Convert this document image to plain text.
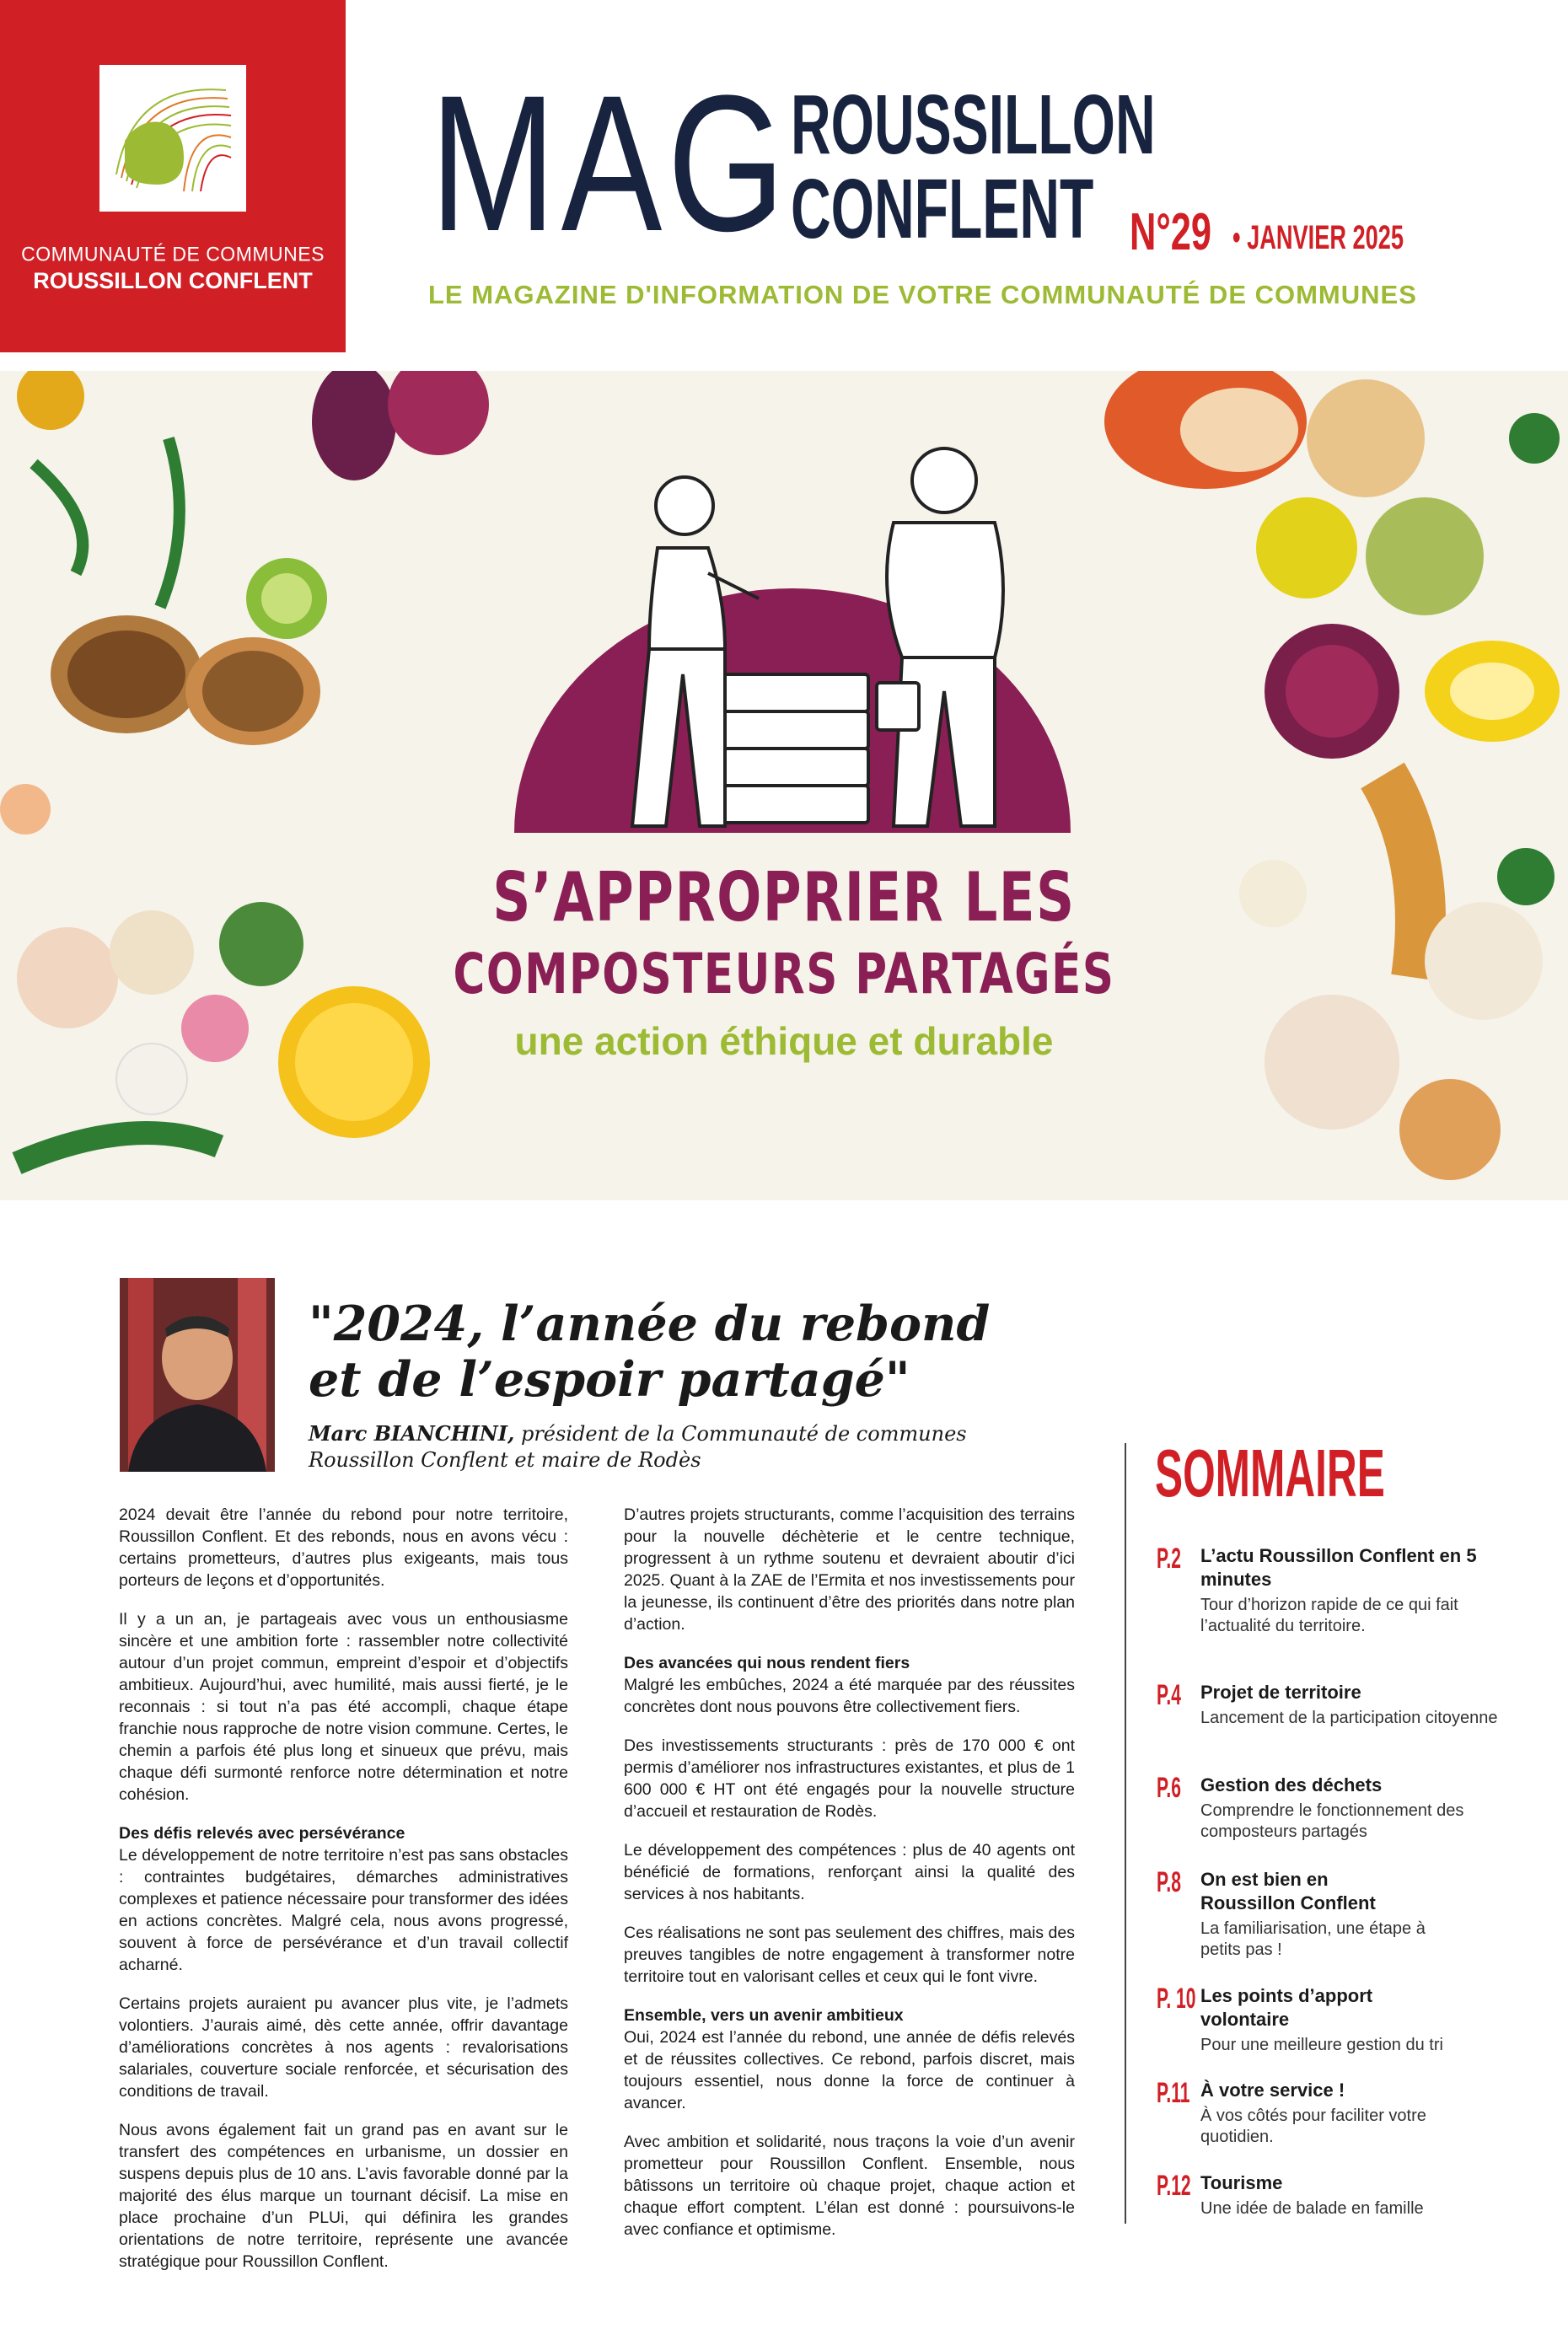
COMMUNAUTÉ DE COMMUNES
ROUSSILLON CONFLENT
MAG ROUSSILLON
CONFLENT N°29 • JANVIER 2025
LE MAGAZINE D'INFORMATION DE VOTRE COMMUNAUTÉ DE COMMUNES
S’APPROPRIER LES
COMPOSTEURS PARTAGÉS
une action éthique et durable
"2024, l’année du rebond
et de l’espoir partagé"
Marc BIANCHINI, président de la Communauté de communes
Roussillon Conflent et maire de Rodès

2024 devait être l’année du rebond pour notre territoire, Roussillon Conflent. Et des rebonds, nous en avons vécu : certains prometteurs, d’autres plus exigeants, mais tous porteurs de leçons et d’opportunités.

Il y a un an, je partageais avec vous un enthousiasme sincère et une ambition forte : rassembler notre collectivité autour d’un projet commun, empreint d’espoir et d’objectifs ambitieux. Aujourd’hui, avec humilité, mais aussi fierté, je le reconnais : si tout n’a pas été accompli, chaque étape franchie nous rapproche de notre vision commune. Certes, le chemin a parfois été plus long et sinueux que prévu, mais chaque défi surmonté renforce notre détermination et notre cohésion.

Des défis relevés avec persévérance

Le développement de notre territoire n’est pas sans obstacles : contraintes budgétaires, démarches administratives complexes et patience nécessaire pour transformer des idées en actions concrètes. Malgré cela, nous avons progressé, souvent à force de persévérance et d’un travail collectif acharné.

Certains projets auraient pu avancer plus vite, je l’admets volontiers. J’aurais aimé, dès cette année, offrir davantage d’améliorations concrètes à nos agents : revalorisations salariales, couverture sociale renforcée, et sécurisation des conditions de travail.

Nous avons également fait un grand pas en avant sur le transfert des compétences en urbanisme, un dossier en suspens depuis plus de 10 ans. L’avis favorable donné par la majorité des élus marque un tournant décisif. La mise en place prochaine d’un PLUi, qui définira les grandes orientations de notre territoire, représente une avancée stratégique pour Roussillon Conflent.

D’autres projets structurants, comme l’acquisition des terrains pour la nouvelle déchèterie et le centre technique, progressent à un rythme soutenu et devraient aboutir d’ici 2025. Quant à la ZAE de l’Ermita et nos investissements pour la jeunesse, ils continuent d’être des priorités dans notre plan d’action.

Des avancées qui nous rendent fiers

Malgré les embûches, 2024 a été marquée par des réussites concrètes dont nous pouvons être collectivement fiers.

Des investissements structurants : près de 170 000 € ont permis d’améliorer nos infrastructures existantes, et plus de 1 600 000 € HT ont été engagés pour la nouvelle structure d’accueil et restauration de Rodès.

Le développement des compétences : plus de 40 agents ont bénéficié de formations, renforçant ainsi la qualité des services à nos habitants.

Ces réalisations ne sont pas seulement des chiffres, mais des preuves tangibles de notre engagement à transformer notre territoire tout en valorisant celles et ceux qui le font vivre.

Ensemble, vers un avenir ambitieux

Oui, 2024 est l’année du rebond, une année de défis relevés et de réussites collectives. Ce rebond, parfois discret, mais toujours essentiel, nous donne la force de continuer à avancer.

Avec ambition et solidarité, nous traçons la voie d’un avenir prometteur pour Roussillon Conflent. Ensemble, nous bâtissons un territoire où chaque projet, chaque action et chaque effort comptent. L’élan est donné : poursuivons-le avec confiance et optimisme.

SOMMAIRE
P.2 L’actu Roussillon Conflent en 5 minutes
Tour d’horizon rapide de ce qui fait l’actualité du territoire.
P.4 Projet de territoire
Lancement de la participation citoyenne
P.6 Gestion des déchets
Comprendre le fonctionnement des composteurs partagés
P.8 On est bien en Roussillon Conflent
La familiarisation, une étape à petits pas !
P. 10 Les points d’apport volontaire
Pour une meilleure gestion du tri
P.11 À votre service !
À vos côtés pour faciliter votre quotidien.
P.12 Tourisme
Une idée de balade en famille
